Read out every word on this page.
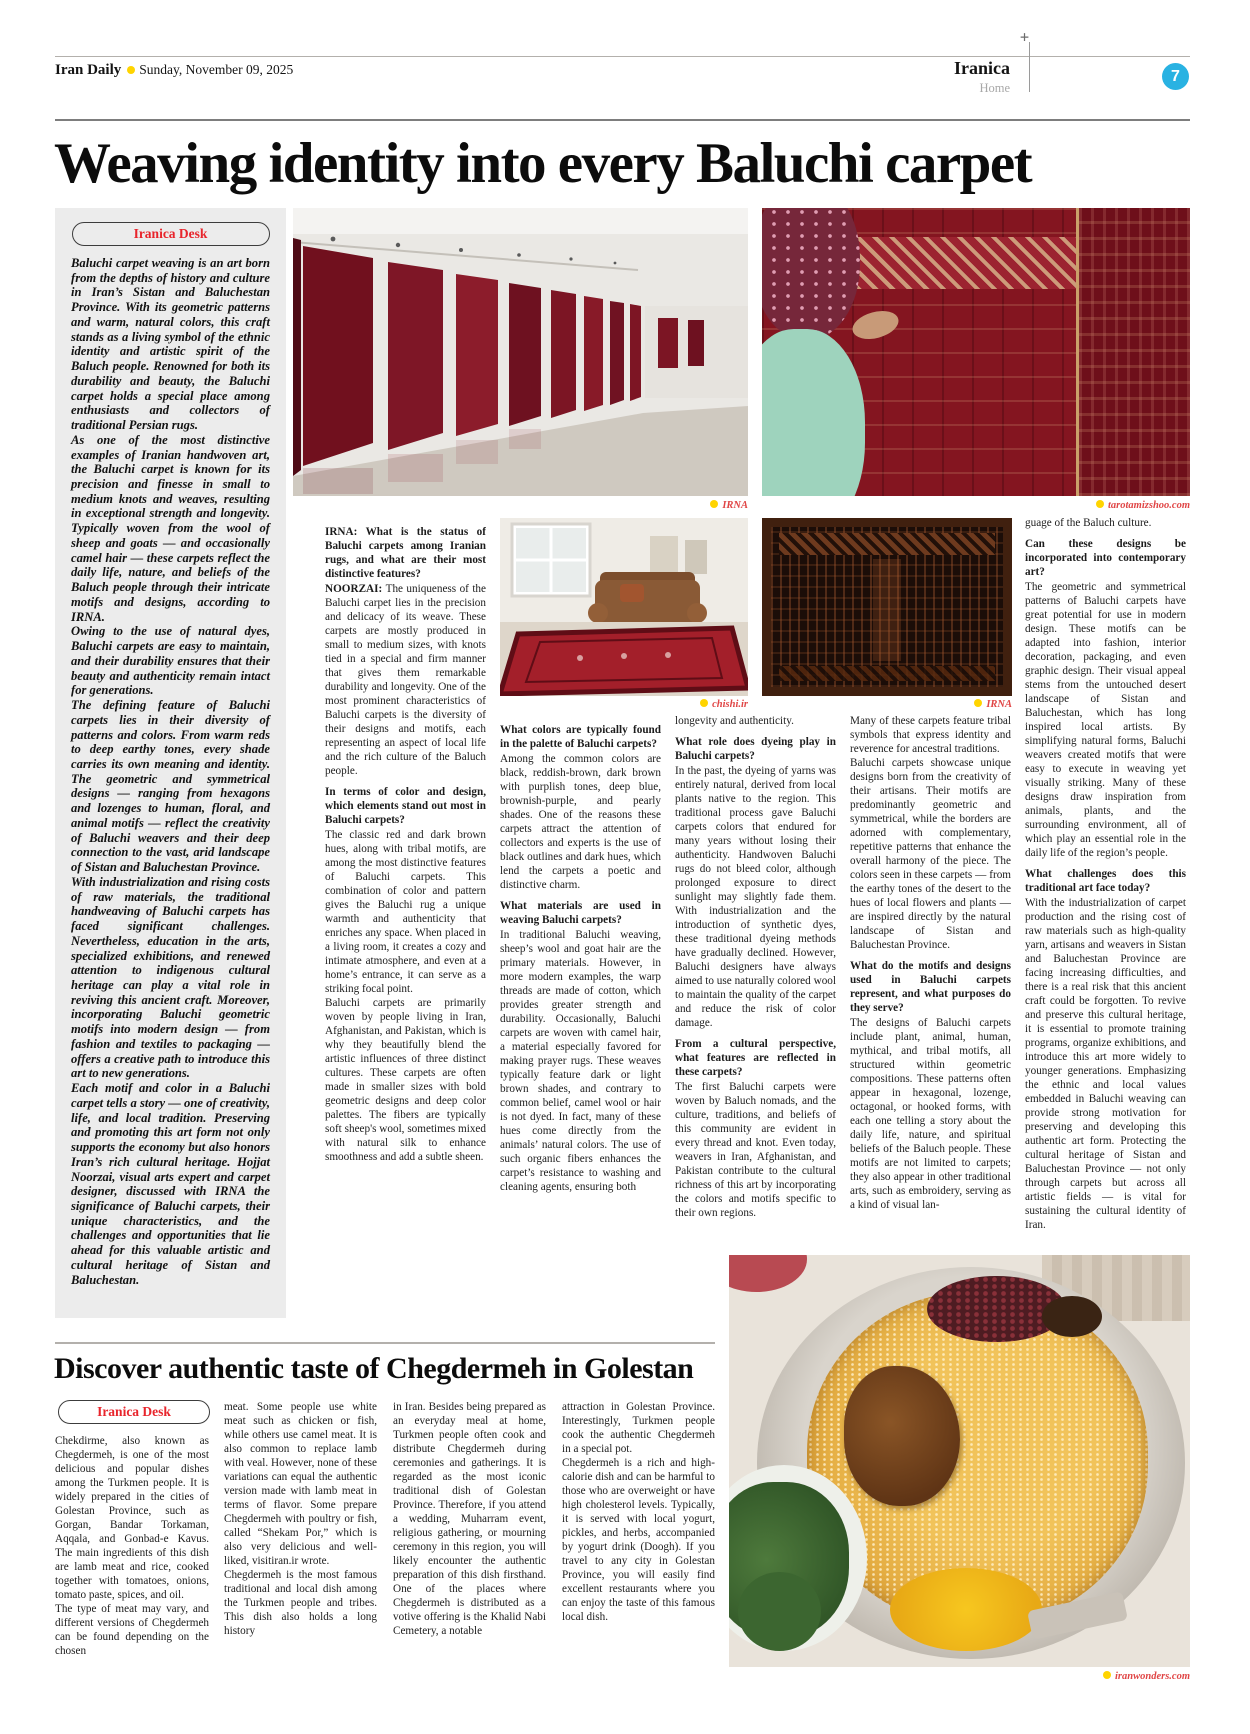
Iran Daily Sunday, November 09, 2025
+
Iranica
Home
7
Weaving identity into every Baluchi carpet
Iranica Desk

Baluchi carpet weaving is an art born from the depths of history and culture in Iran’s Sistan and Baluchestan Province. With its geometric patterns and warm, natural colors, this craft stands as a living symbol of the ethnic identity and artistic spirit of the Baluch people. Renowned for both its durability and beauty, the Baluchi carpet holds a special place among enthusiasts and collectors of traditional Persian rugs.

As one of the most distinctive examples of Iranian handwoven art, the Baluchi carpet is known for its precision and finesse in small to medium knots and weaves, resulting in exceptional strength and longevity. Typically woven from the wool of sheep and goats — and occasionally camel hair — these carpets reflect the daily life, nature, and beliefs of the Baluch people through their intricate motifs and designs, according to IRNA.

Owing to the use of natural dyes, Baluchi carpets are easy to maintain, and their durability ensures that their beauty and authenticity remain intact for generations.

The defining feature of Baluchi carpets lies in their diversity of patterns and colors. From warm reds to deep earthy tones, every shade carries its own meaning and identity. The geometric and symmetrical designs — ranging from hexagons and lozenges to human, floral, and animal motifs — reflect the creativity of Baluchi weavers and their deep connection to the vast, arid landscape of Sistan and Baluchestan Province.

With industrialization and rising costs of raw materials, the traditional handweaving of Baluchi carpets has faced significant challenges. Nevertheless, education in the arts, specialized exhibitions, and renewed attention to indigenous cultural heritage can play a vital role in reviving this ancient craft. Moreover, incorporating Baluchi geometric motifs into modern design — from fashion and textiles to packaging — offers a creative path to introduce this art to new generations.

Each motif and color in a Baluchi carpet tells a story — one of creativity, life, and local tradition. Preserving and promoting this art form not only supports the economy but also honors Iran’s rich cultural heritage. Hojjat Noorzai, visual arts expert and carpet designer, discussed with IRNA the significance of Baluchi carpets, their unique characteristics, and the challenges and opportunities that lie ahead for this valuable artistic and cultural heritage of Sistan and Baluchestan.

IRNA	tarotamizshoo.com
chishi.ir	IRNA

IRNA: What is the status of Baluchi carpets among Iranian rugs, and what are their most distinctive features?

NOORZAI: The uniqueness of the Baluchi carpet lies in the precision and delicacy of its weave. These carpets are mostly produced in small to medium sizes, with knots tied in a special and firm manner that gives them remarkable durability and longevity. One of the most prominent characteristics of Baluchi carpets is the diversity of their designs and motifs, each representing an aspect of local life and the rich culture of the Baluch people.

In terms of color and design, which elements stand out most in Baluchi carpets?

The classic red and dark brown hues, along with tribal motifs, are among the most distinctive features of Baluchi carpets. This combination of color and pattern gives the Baluchi rug a unique warmth and authenticity that enriches any space. When placed in a living room, it creates a cozy and intimate atmosphere, and even at a home’s entrance, it can serve as a striking focal point.

Baluchi carpets are primarily woven by people living in Iran, Afghanistan, and Pakistan, which is why they beautifully blend the artistic influences of three distinct cultures. These carpets are often made in smaller sizes with bold geometric designs and deep color palettes. The fibers are typically soft sheep's wool, sometimes mixed with natural silk to enhance smoothness and add a subtle sheen.

What colors are typically found in the palette of Baluchi carpets?

Among the common colors are black, reddish-brown, dark brown with purplish tones, deep blue, brownish-purple, and pearly shades. One of the reasons these carpets attract the attention of collectors and experts is the use of black outlines and dark hues, which lend the carpets a poetic and distinctive charm.

What materials are used in weaving Baluchi carpets?

In traditional Baluchi weaving, sheep’s wool and goat hair are the primary materials. However, in more modern examples, the warp threads are made of cotton, which provides greater strength and durability. Occasionally, Baluchi carpets are woven with camel hair, a material especially favored for making prayer rugs. These weaves typically feature dark or light brown shades, and contrary to common belief, camel wool or hair is not dyed. In fact, many of these hues come directly from the animals’ natural colors. The use of such organic fibers enhances the carpet’s resistance to washing and cleaning agents, ensuring both

longevity and authenticity.

What role does dyeing play in Baluchi carpets?

In the past, the dyeing of yarns was entirely natural, derived from local plants native to the region. This traditional process gave Baluchi carpets colors that endured for many years without losing their authenticity. Handwoven Baluchi rugs do not bleed color, although prolonged exposure to direct sunlight may slightly fade them. With industrialization and the introduction of synthetic dyes, these traditional dyeing methods have gradually declined. However, Baluchi designers have always aimed to use naturally colored wool to maintain the quality of the carpet and reduce the risk of color damage.

From a cultural perspective, what features are reflected in these carpets?

The first Baluchi carpets were woven by Baluch nomads, and the culture, traditions, and beliefs of this community are evident in every thread and knot. Even today, weavers in Iran, Afghanistan, and Pakistan contribute to the cultural richness of this art by incorporating the colors and motifs specific to their own regions.

Many of these carpets feature tribal symbols that express identity and reverence for ancestral traditions.

Baluchi carpets showcase unique designs born from the creativity of their artisans. Their motifs are predominantly geometric and symmetrical, while the borders are adorned with complementary, repetitive patterns that enhance the overall harmony of the piece. The colors seen in these carpets — from the earthy tones of the desert to the hues of local flowers and plants — are inspired directly by the natural landscape of Sistan and Baluchestan Province.

What do the motifs and designs used in Baluchi carpets represent, and what purposes do they serve?

The designs of Baluchi carpets include plant, animal, human, mythical, and tribal motifs, all structured within geometric compositions. These patterns often appear in hexagonal, lozenge, octagonal, or hooked forms, with each one telling a story about the daily life, nature, and spiritual beliefs of the Baluch people. These motifs are not limited to carpets; they also appear in other traditional arts, such as embroidery, serving as a kind of visual lan-

guage of the Baluch culture.

Can these designs be incorporated into contemporary art?

The geometric and symmetrical patterns of Baluchi carpets have great potential for use in modern design. These motifs can be adapted into fashion, interior decoration, packaging, and even graphic design. Their visual appeal stems from the untouched desert landscape of Sistan and Baluchestan, which has long inspired local artists. By simplifying natural forms, Baluchi weavers created motifs that were easy to execute in weaving yet visually striking. Many of these designs draw inspiration from animals, plants, and the surrounding environment, all of which play an essential role in the daily life of the region’s people.

What challenges does this traditional art face today?

With the industrialization of carpet production and the rising cost of raw materials such as high-quality yarn, artisans and weavers in Sistan and Baluchestan Province are facing increasing difficulties, and there is a real risk that this ancient craft could be forgotten. To revive and preserve this cultural heritage, it is essential to promote training programs, organize exhibitions, and introduce this art more widely to younger generations. Emphasizing the ethnic and local values embedded in Baluchi weaving can provide strong motivation for preserving and developing this authentic art form. Protecting the cultural heritage of Sistan and Baluchestan Province — not only through carpets but across all artistic fields — is vital for sustaining the cultural identity of Iran.

Discover authentic taste of Chegdermeh in Golestan
Iranica Desk

Chekdirme, also known as Chegdermeh, is one of the most delicious and popular dishes among the Turkmen people. It is widely prepared in the cities of Golestan Province, such as Gorgan, Bandar Torkaman, Aqqala, and Gonbad-e Kavus. The main ingredients of this dish are lamb meat and rice, cooked together with tomatoes, onions, tomato paste, spices, and oil.

The type of meat may vary, and different versions of Chegdermeh can be found depending on the chosen

meat. Some people use white meat such as chicken or fish, while others use camel meat. It is also common to replace lamb with veal. However, none of these variations can equal the authentic version made with lamb meat in terms of flavor. Some prepare Chegdermeh with poultry or fish, called “Shekam Por,” which is also very delicious and well-liked, visitiran.ir wrote.

Chegdermeh is the most famous traditional and local dish among the Turkmen people and tribes. This dish also holds a long history

in Iran. Besides being prepared as an everyday meal at home, Turkmen people often cook and distribute Chegdermeh during ceremonies and gatherings. It is regarded as the most iconic traditional dish of Golestan Province. Therefore, if you attend a wedding, Muharram event, religious gathering, or mourning ceremony in this region, you will likely encounter the authentic preparation of this dish firsthand. One of the places where Chegdermeh is distributed as a votive offering is the Khalid Nabi Cemetery, a notable

attraction in Golestan Province. Interestingly, Turkmen people cook the authentic Chegdermeh in a special pot.

Chegdermeh is a rich and high-calorie dish and can be harmful to those who are overweight or have high cholesterol levels. Typically, it is served with local yogurt, pickles, and herbs, accompanied by yogurt drink (Doogh). If you travel to any city in Golestan Province, you will easily find excellent restaurants where you can enjoy the taste of this famous local dish.

iranwonders.com
